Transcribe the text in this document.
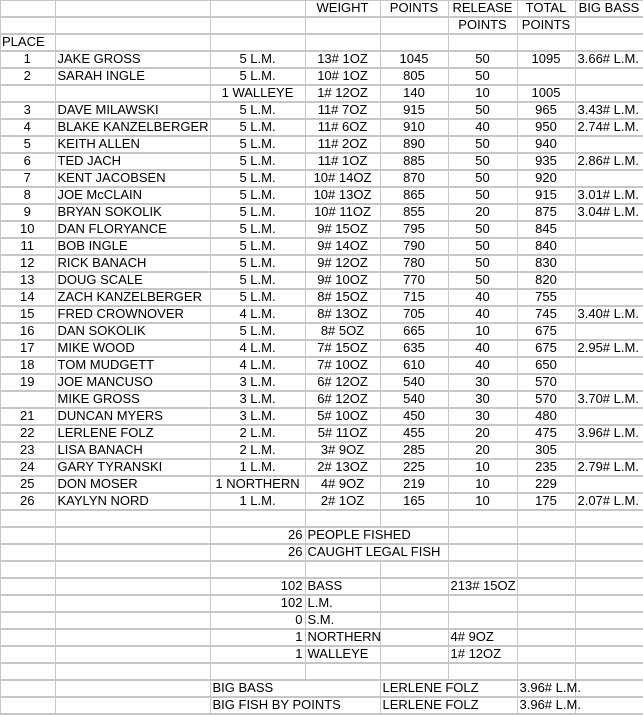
			WEIGHT	POINTS	RELEASE	TOTAL	BIG BASS
					POINTS	POINTS	
PLACE							
1	JAKE GROSS	5 L.M.	13# 1OZ	1045	50	1095	3.66# L.M.
2	SARAH INGLE	5 L.M.	10# 1OZ	805	50		
		1 WALLEYE	1# 12OZ	140	10	1005	
3	DAVE MILAWSKI	5 L.M.	11# 7OZ	915	50	965	3.43# L.M.
4	BLAKE KANZELBERGER	5 L.M.	11# 6OZ	910	40	950	2.74# L.M.
5	KEITH ALLEN	5 L.M.	11# 2OZ	890	50	940	
6	TED JACH	5 L.M.	11# 1OZ	885	50	935	2.86# L.M.
7	KENT JACOBSEN	5 L.M.	10# 14OZ	870	50	920	
8	JOE McCLAIN	5 L.M.	10# 13OZ	865	50	915	3.01# L.M.
9	BRYAN SOKOLIK	5 L.M.	10# 11OZ	855	20	875	3.04# L.M.
10	DAN FLORYANCE	5 L.M.	9# 15OZ	795	50	845	
11	BOB INGLE	5 L.M.	9# 14OZ	790	50	840	
12	RICK BANACH	5 L.M.	9# 12OZ	780	50	830	
13	DOUG SCALE	5 L.M.	9# 10OZ	770	50	820	
14	ZACH KANZELBERGER	5 L.M.	8# 15OZ	715	40	755	
15	FRED CROWNOVER	4 L.M.	8# 13OZ	705	40	745	3.40# L.M.
16	DAN SOKOLIK	5 L.M.	8# 5OZ	665	10	675	
17	MIKE WOOD	4 L.M.	7# 15OZ	635	40	675	2.95# L.M.
18	TOM MUDGETT	4 L.M.	7# 10OZ	610	40	650	
19	JOE MANCUSO	3 L.M.	6# 12OZ	540	30	570	
	MIKE GROSS	3 L.M.	6# 12OZ	540	30	570	3.70# L.M.
21	DUNCAN MYERS	3 L.M.	5# 10OZ	450	30	480	
22	LERLENE FOLZ	2 L.M.	5# 11OZ	455	20	475	3.96# L.M.
23	LISA BANACH	2 L.M.	3# 9OZ	285	20	305	
24	GARY TYRANSKI	1 L.M.	2# 13OZ	225	10	235	2.79# L.M.
25	DON MOSER	1 NORTHERN	4# 9OZ	219	10	229	
26	KAYLYN NORD	1 L.M.	2# 1OZ	165	10	175	2.07# L.M.

		26	PEOPLE FISHED				
		26	CAUGHT LEGAL FISH				

		102	BASS		213# 15OZ		
		102	L.M.				
		0	S.M.				
		1	NORTHERN		4# 9OZ		
		1	WALLEYE		1# 12OZ		

		BIG BASS		LERLENE FOLZ		3.96# L.M.	
		BIG FISH BY POINTS		LERLENE FOLZ		3.96# L.M.	
